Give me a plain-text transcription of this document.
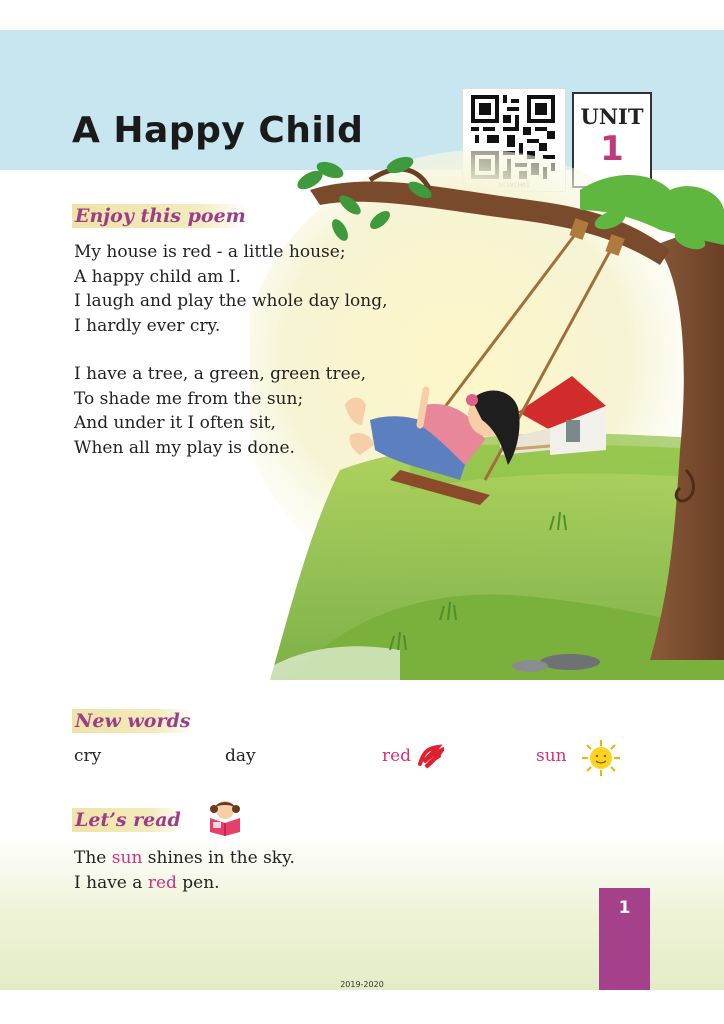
A Happy Child	UNIT
1
Enjoy this poem
My house is red - a little house;
A happy child am I.
I laugh and play the whole day long,
I hardly ever cry.
I have a tree, a green, green tree,
To shade me from the sun;
And under it I often sit,
When all my play is done.
New words
cry	day	red	sun
Let’s read
The sun shines in the sky.
I have a red pen.
1
2019-2020
